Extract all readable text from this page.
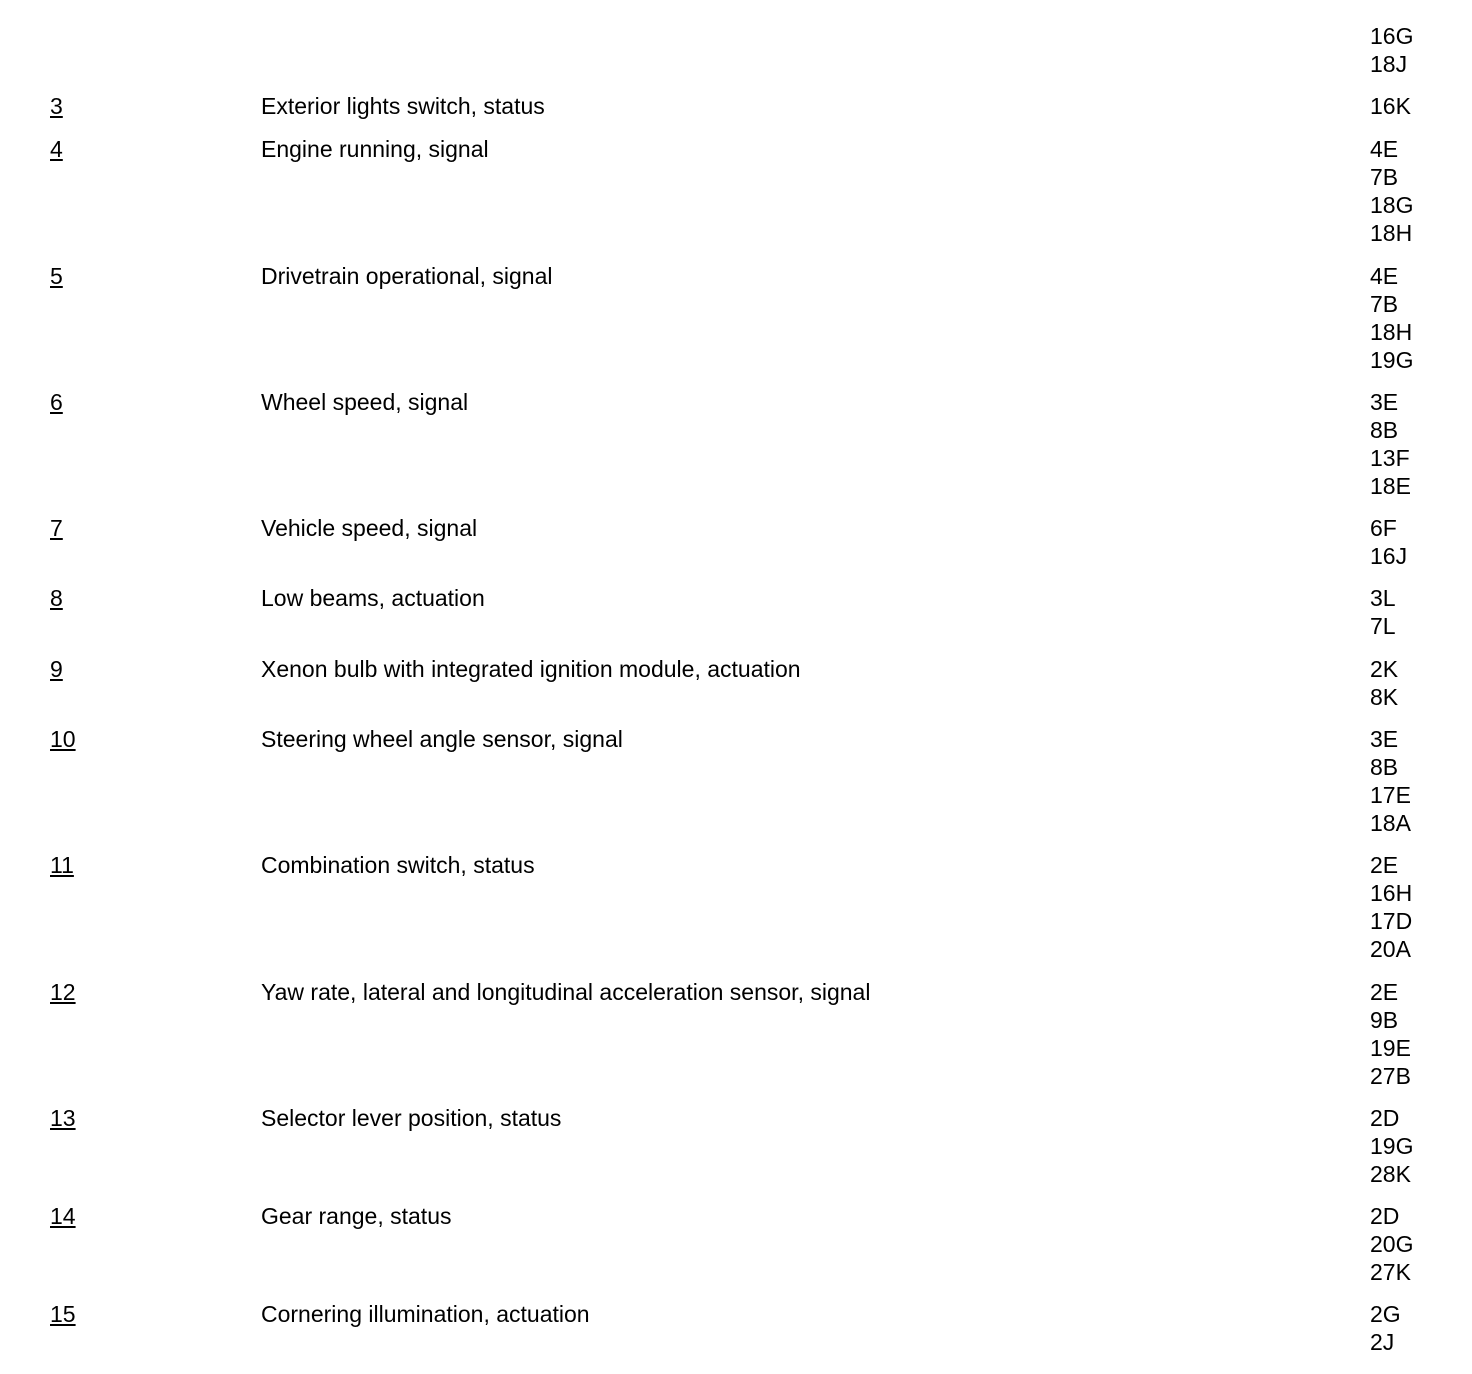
16G
18J
3	Exterior lights switch, status	16K
4	Engine running, signal	4E
7B
18G
18H
5	Drivetrain operational, signal	4E
7B
18H
19G
6	Wheel speed, signal	3E
8B
13F
18E
7	Vehicle speed, signal	6F
16J
8	Low beams, actuation	3L
7L
9	Xenon bulb with integrated ignition module, actuation	2K
8K
10	Steering wheel angle sensor, signal	3E
8B
17E
18A
11	Combination switch, status	2E
16H
17D
20A
12	Yaw rate, lateral and longitudinal acceleration sensor, signal	2E
9B
19E
27B
13	Selector lever position, status	2D
19G
28K
14	Gear range, status	2D
20G
27K
15	Cornering illumination, actuation	2G
2J
